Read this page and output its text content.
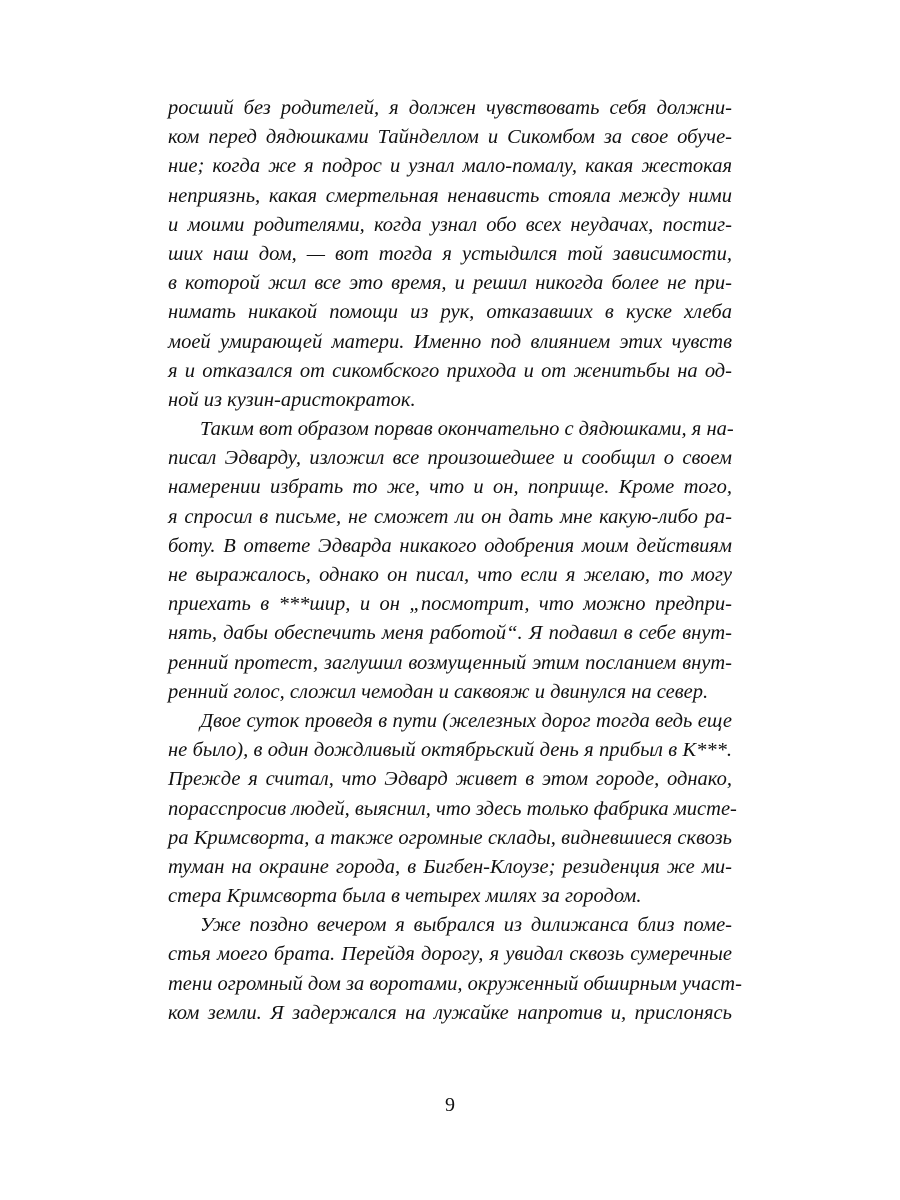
росший без родителей, я должен чувствовать себя должни-
ком перед дядюшками Тайнделлом и Сикомбом за свое обуче-
ние; когда же я подрос и узнал мало-помалу, какая жестокая
неприязнь, какая смертельная ненависть стояла между ними
и моими родителями, когда узнал обо всех неудачах, постиг-
ших наш дом, — вот тогда я устыдился той зависимости,
в которой жил все это время, и решил никогда более не при-
нимать никакой помощи из рук, отказавших в куске хлеба
моей умирающей матери. Именно под влиянием этих чувств
я и отказался от сикомбского прихода и от женитьбы на од-
ной из кузин-аристократок.
Таким вот образом порвав окончательно с дядюшками, я на-
писал Эдварду, изложил все произошедшее и сообщил о своем
намерении избрать то же, что и он, поприще. Кроме того,
я спросил в письме, не сможет ли он дать мне какую-либо ра-
боту. В ответе Эдварда никакого одобрения моим действиям
не выражалось, однако он писал, что если я желаю, то могу
приехать в ***шир, и он „посмотрит, что можно предпри-
нять, дабы обеспечить меня работой“. Я подавил в себе внут-
ренний протест, заглушил возмущенный этим посланием внут-
ренний голос, сложил чемодан и саквояж и двинулся на север.
Двое суток проведя в пути (железных дорог тогда ведь еще
не было), в один дождливый октябрьский день я прибыл в К***.
Прежде я считал, что Эдвард живет в этом городе, однако,
порасспросив людей, выяснил, что здесь только фабрика мисте-
ра Кримсворта, а также огромные склады, видневшиеся сквозь
туман на окраине города, в Бигбен-Клоузе; резиденция же ми-
стера Кримсворта была в четырех милях за городом.
Уже поздно вечером я выбрался из дилижанса близ поме-
стья моего брата. Перейдя дорогу, я увидал сквозь сумеречные
тени огромный дом за воротами, окруженный обширным участ-
ком земли. Я задержался на лужайке напротив и, прислонясь
9
